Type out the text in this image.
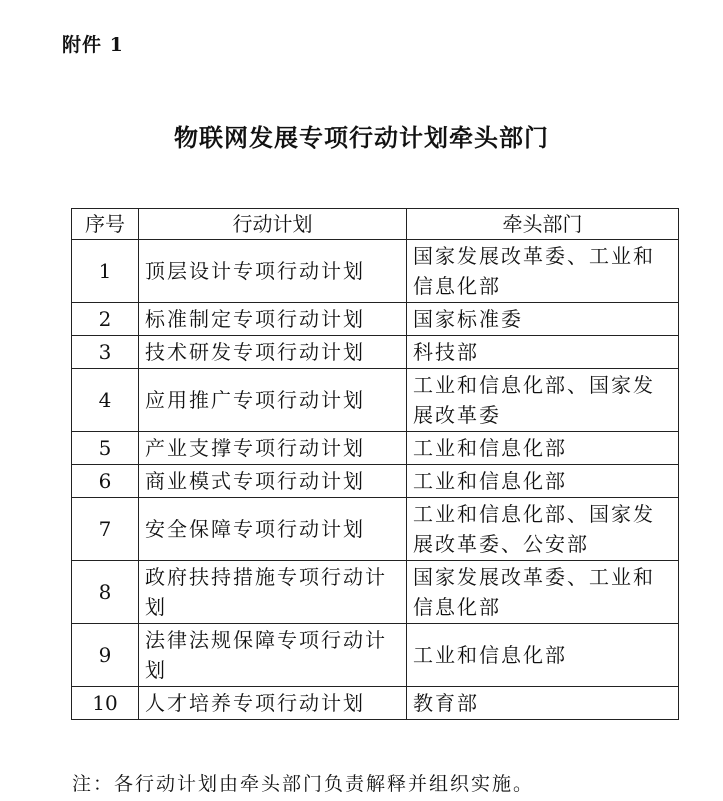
附件 1
物联网发展专项行动计划牵头部门
序号	行动计划	牵头部门
1	顶层设计专项行动计划	国家发展改革委、工业和信息化部
2	标准制定专项行动计划	国家标准委
3	技术研发专项行动计划	科技部
4	应用推广专项行动计划	工业和信息化部、国家发展改革委
5	产业支撑专项行动计划	工业和信息化部
6	商业模式专项行动计划	工业和信息化部
7	安全保障专项行动计划	工业和信息化部、国家发展改革委、公安部
8	政府扶持措施专项行动计划	国家发展改革委、工业和信息化部
9	法律法规保障专项行动计划	工业和信息化部
10	人才培养专项行动计划	教育部
注：各行动计划由牵头部门负责解释并组织实施。
